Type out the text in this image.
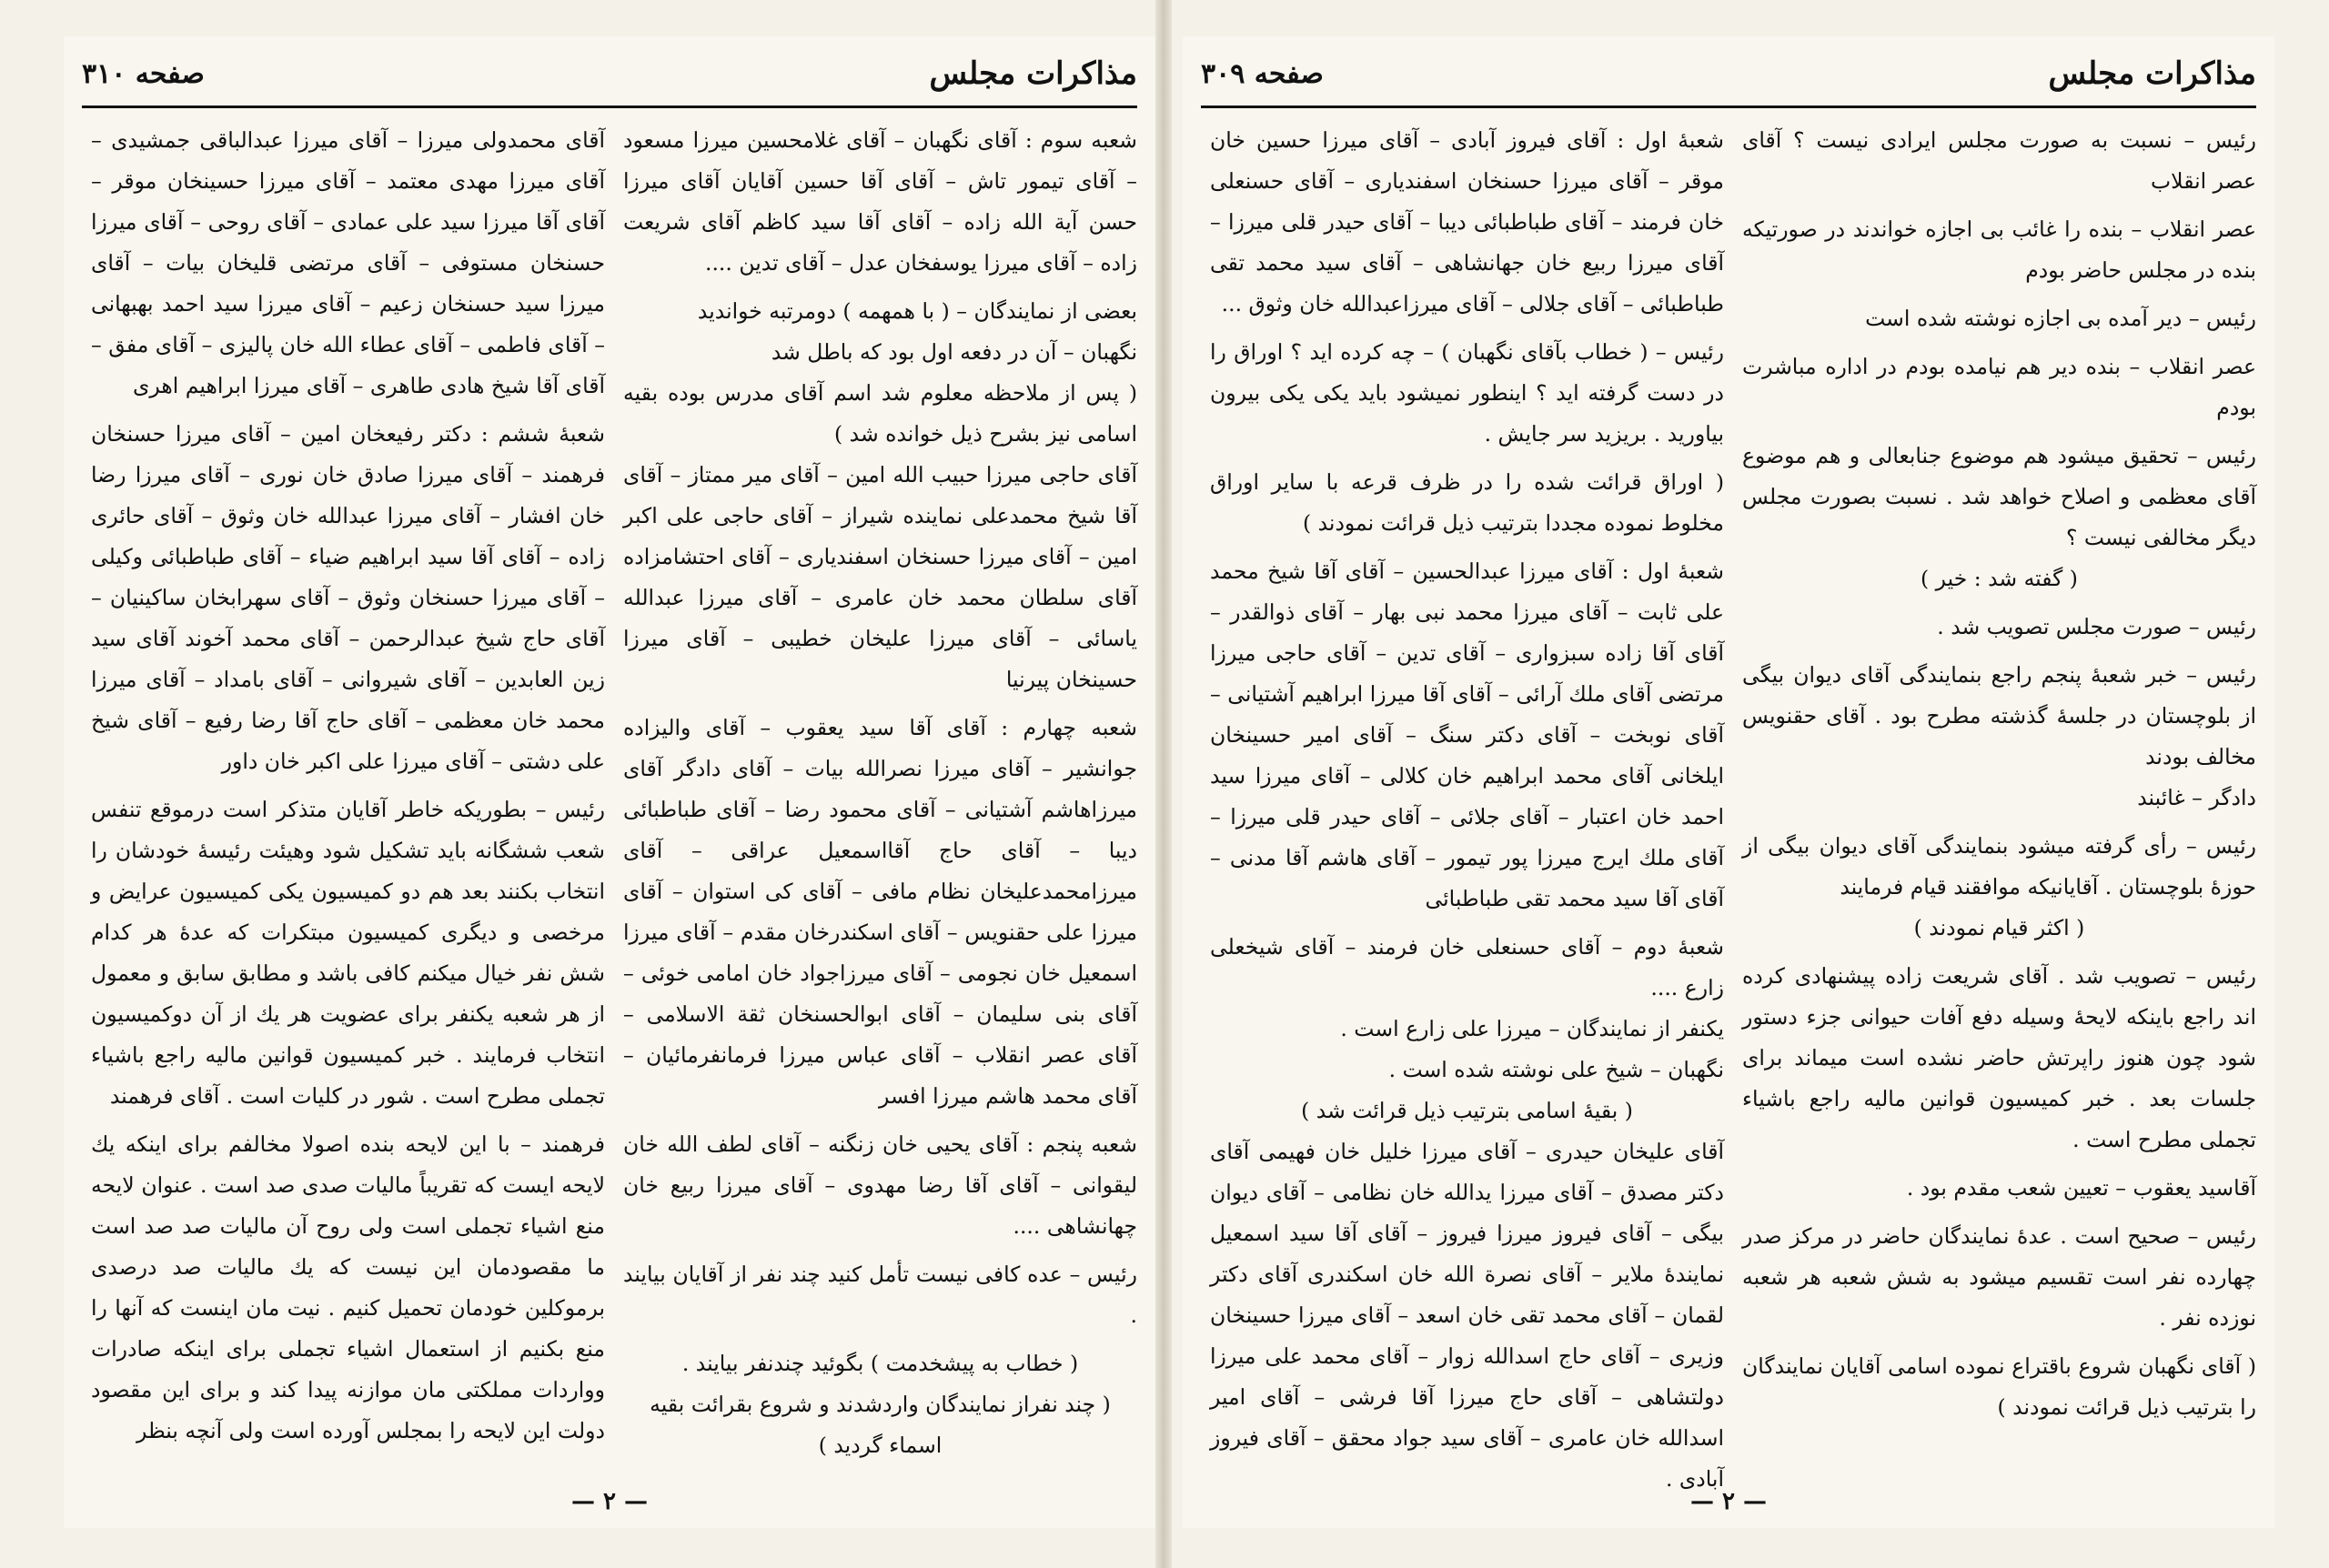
مذاکرات مجلس
صفحه ۳۱۰

شعبه سوم : آقای نگهبان – آقای غلامحسین میرزا مسعود – آقای تیمور تاش – آقای آقا حسین آقایان آقای میرزا حسن آیة الله زاده – آقای آقا سید کاظم آقای شریعت زاده – آقای میرزا یوسفخان عدل – آقای تدین ....

بعضی از نمایندگان – ( با همهمه ) دومرتبه خواندید

نگهبان – آن در دفعه اول بود که باطل شد

( پس از ملاحظه معلوم شد اسم آقای مدرس بوده بقیه اسامی نیز بشرح ذیل خوانده شد )

آقای حاجی میرزا حبیب الله امین – آقای میر ممتاز – آقای آقا شیخ محمدعلی نماینده شیراز – آقای حاجی علی اکبر امین – آقای میرزا حسنخان اسفندیاری – آقای احتشامزاده آقای سلطان محمد خان عامری – آقای میرزا عبدالله یاسائی – آقای میرزا علیخان خطیبی – آقای میرزا حسینخان پیرنیا

شعبه چهارم : آقای آقا سید یعقوب – آقای والیزاده جوانشیر – آقای میرزا نصرالله بیات – آقای دادگر آقای میرزاهاشم آشتیانی – آقای محمود رضا – آقای طباطبائی دیبا – آقای حاج آقااسمعیل عراقی – آقای میرزامحمدعلیخان نظام مافی – آقای کی استوان – آقای میرزا علی حقنویس – آقای اسکندرخان مقدم – آقای میرزا اسمعیل خان نجومی – آقای میرزاجواد خان امامی خوئی – آقای بنی سلیمان – آقای ابوالحسنخان ثقة الاسلامی – آقای عصر انقلاب – آقای عباس میرزا فرمانفرمائیان – آقای محمد هاشم میرزا افسر

شعبه پنجم : آقای یحیی خان زنگنه – آقای لطف الله خان لیقوانی – آقای آقا رضا مهدوی – آقای میرزا ربیع خان چهانشاهی ....

رئیس – عده کافی نیست تأمل کنید چند نفر از آقایان بیایند .

( خطاب به پیشخدمت ) بگوئید چندنفر بیایند .

( چند نفراز نمایندگان واردشدند و شروع بقرائت بقیه اسماء گردید )

آقای محمدولی میرزا – آقای میرزا عبدالباقی جمشیدی – آقای میرزا مهدی معتمد – آقای میرزا حسینخان موقر – آقای آقا میرزا سید علی عمادی – آقای روحی – آقای میرزا حسنخان مستوفی – آقای مرتضی قلیخان بیات – آقای میرزا سید حسنخان زعیم – آقای میرزا سید احمد بهبهانی – آقای فاطمی – آقای عطاء الله خان پالیزی – آقای مفق – آقای آقا شیخ هادی طاهری – آقای میرزا ابراهیم اهری

شعبهٔ ششم : دکتر رفیعخان امین – آقای میرزا حسنخان فرهمند – آقای میرزا صادق خان نوری – آقای میرزا رضا خان افشار – آقای میرزا عبدالله خان وثوق – آقای حائری زاده – آقای آقا سید ابراهیم ضیاء – آقای طباطبائی وکیلی – آقای میرزا حسنخان وثوق – آقای سهرابخان ساکینیان – آقای حاج شیخ عبدالرحمن – آقای محمد آخوند آقای سید زین العابدین – آقای شیروانی – آقای بامداد – آقای میرزا محمد خان معظمی – آقای حاج آقا رضا رفیع – آقای شیخ علی دشتی – آقای میرزا علی اکبر خان داور

رئیس – بطوریکه خاطر آقایان متذکر است درموقع تنفس شعب ششگانه باید تشکیل شود وهیئت رئیسهٔ خودشان را انتخاب بکنند بعد هم دو کمیسیون یکی کمیسیون عرایض و مرخصی و دیگری کمیسیون مبتکرات که عدهٔ هر کدام شش نفر خیال میکنم کافی باشد و مطابق سابق و معمول از هر شعبه یکنفر برای عضویت هر یك از آن دوکمیسیون انتخاب فرمایند . خبر کمیسیون قوانین مالیه راجع باشیاء تجملی مطرح است . شور در کلیات است . آقای فرهمند

فرهمند – با این لایحه بنده اصولا مخالفم برای اینکه یك لایحه ایست که تقریباً مالیات صدی صد است . عنوان لایحه منع اشیاء تجملی است ولی روح آن مالیات صد صد است ما مقصودمان این نیست که یك مالیات صد درصدی برموکلین خودمان تحمیل کنیم . نیت مان اینست که آنها را منع بکنیم از استعمال اشیاء تجملی برای اینکه صادرات وواردات مملکتی مان موازنه پیدا کند و برای این مقصود دولت این لایحه را بمجلس آورده است ولی آنچه بنظر

— ۲ —
مذاکرات مجلس
صفحه ۳۰۹

رئیس – نسبت به صورت مجلس ایرادی نیست ؟ آقای عصر انقلاب

عصر انقلاب – بنده را غائب بی اجازه خواندند در صورتیکه بنده در مجلس حاضر بودم

رئیس – دیر آمده بی اجازه نوشته شده است

عصر انقلاب – بنده دیر هم نیامده بودم در اداره مباشرت بودم

رئیس – تحقیق میشود هم موضوع جنابعالی و هم موضوع آقای معظمی و اصلاح خواهد شد . نسبت بصورت مجلس دیگر مخالفی نیست ؟

( گفته شد : خیر )

رئیس – صورت مجلس تصویب شد .

رئیس – خبر شعبهٔ پنجم راجع بنمایندگی آقای دیوان بیگی از بلوچستان در جلسهٔ گذشته مطرح بود . آقای حقنویس مخالف بودند

دادگر – غائبند

رئیس – رأی گرفته میشود بنمایندگی آقای دیوان بیگی از حوزهٔ بلوچستان . آقایانیکه موافقند قیام فرمایند

( اکثر قیام نمودند )

رئیس – تصویب شد . آقای شریعت زاده پیشنهادی کرده اند راجع باینکه لایحهٔ وسیله دفع آفات حیوانی جزء دستور شود چون هنوز راپرتش حاضر نشده است میماند برای جلسات بعد . خبر کمیسیون قوانین مالیه راجع باشیاء تجملی مطرح است .

آقاسید یعقوب – تعیین شعب مقدم بود .

رئیس – صحیح است . عدهٔ نمایندگان حاضر در مرکز صدر چهارده نفر است تقسیم میشود به شش شعبه هر شعبه نوزده نفر .

( آقای نگهبان شروع باقتراع نموده اسامی آقایان نمایندگان را بترتیب ذیل قرائت نمودند )

شعبهٔ اول : آقای فیروز آبادی – آقای میرزا حسین خان موقر – آقای میرزا حسنخان اسفندیاری – آقای حسنعلی خان فرمند – آقای طباطبائی دیبا – آقای حیدر قلی میرزا – آقای میرزا ربیع خان جهانشاهی – آقای سید محمد تقی طباطبائی – آقای جلالی – آقای میرزاعبدالله خان وثوق ...

رئیس – ( خطاب بآقای نگهبان ) – چه کرده اید ؟ اوراق را در دست گرفته اید ؟ اینطور نمیشود باید یکی یکی بیرون بیاورید . بریزید سر جایش .

( اوراق قرائت شده را در ظرف قرعه با سایر اوراق مخلوط نموده مجددا بترتیب ذیل قرائت نمودند )

شعبهٔ اول : آقای میرزا عبدالحسین – آقای آقا شیخ محمد علی ثابت – آقای میرزا محمد نبی بهار – آقای ذوالقدر – آقای آقا زاده سبزواری – آقای تدین – آقای حاجی میرزا مرتضی آقای ملك آرائی – آقای آقا میرزا ابراهیم آشتیانی – آقای نوبخت – آقای دکتر سنگ – آقای امیر حسینخان ایلخانی آقای محمد ابراهیم خان کلالی – آقای میرزا سید احمد خان اعتبار – آقای جلائی – آقای حیدر قلی میرزا – آقای ملك ایرج میرزا پور تیمور – آقای هاشم آقا مدنی – آقای آقا سید محمد تقی طباطبائی

شعبهٔ دوم – آقای حسنعلی خان فرمند – آقای شیخعلی زارع ....

یکنفر از نمایندگان – میرزا علی زارع است .

نگهبان – شیخ علی نوشته شده است .

( بقیهٔ اسامی بترتیب ذیل قرائت شد )

آقای علیخان حیدری – آقای میرزا خلیل خان فهیمی آقای دکتر مصدق – آقای میرزا یدالله خان نظامی – آقای دیوان بیگی – آقای فیروز میرزا فیروز – آقای آقا سید اسمعیل نمایندهٔ ملایر – آقای نصرة الله خان اسکندری آقای دکتر لقمان – آقای محمد تقی خان اسعد – آقای میرزا حسینخان وزیری – آقای حاج اسدالله زوار – آقای محمد علی میرزا دولتشاهی – آقای حاج میرزا آقا فرشی – آقای امیر اسدالله خان عامری – آقای سید جواد محقق – آقای فیروز آبادی .

— ۲ —
